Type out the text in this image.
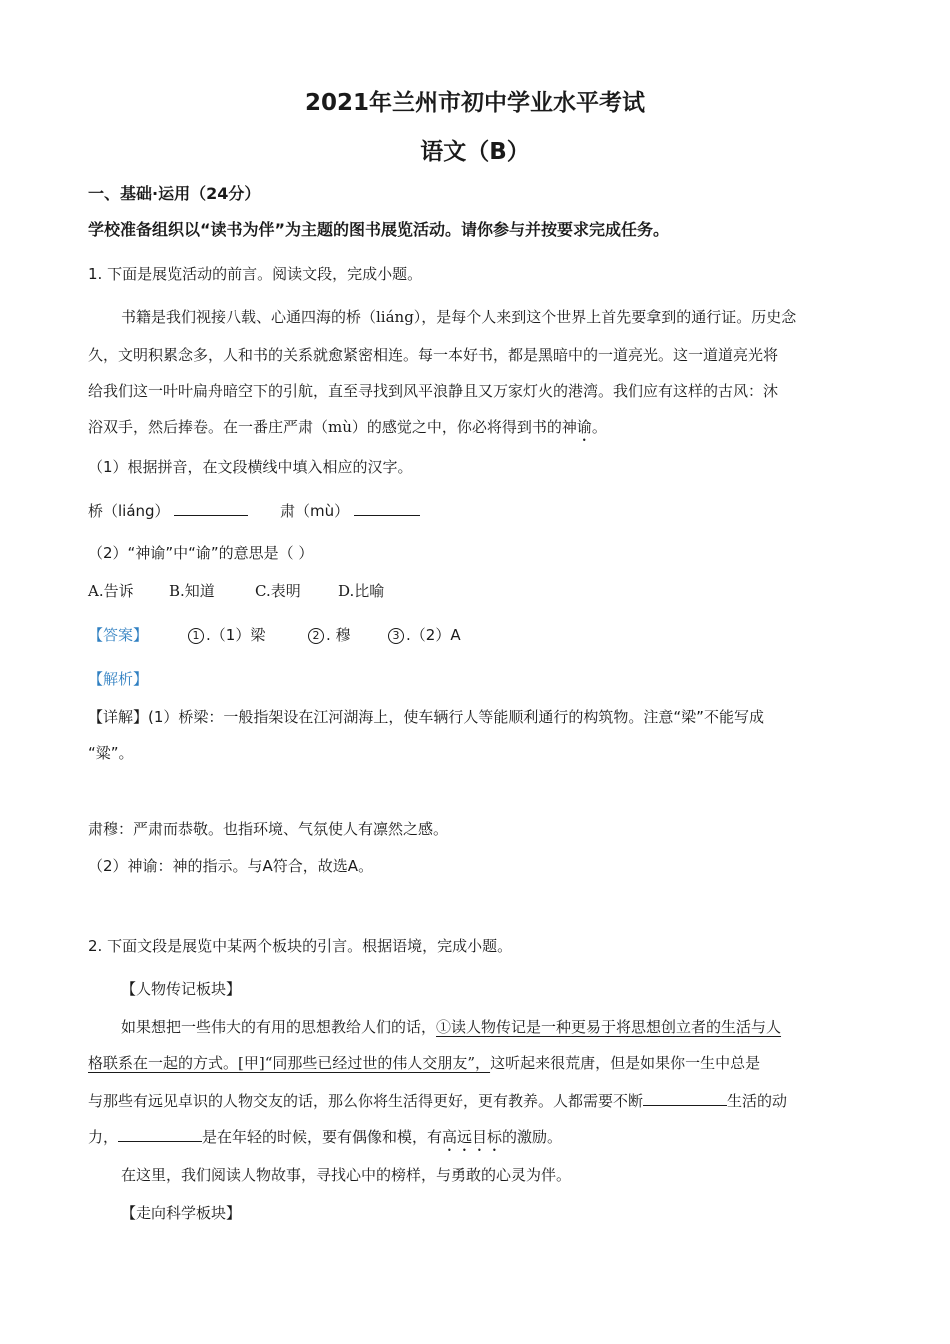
2021年兰州市初中学业水平考试
语文（B）
一、基础·运用（24分）
学校准备组织以“读书为伴”为主题的图书展览活动。请你参与并按要求完成任务。
1. 下面是展览活动的前言。阅读文段，完成小题。
书籍是我们视接八载、心通四海的桥（liáng），是每个人来到这个世界上首先要拿到的通行证。历史念
久，文明积累念多，人和书的关系就愈紧密相连。每一本好书，都是黑暗中的一道亮光。这一道道亮光将
给我们这一叶叶扁舟暗空下的引航，直至寻找到风平浪静且又万家灯火的港湾。我们应有这样的古风：沐
浴双手，然后捧卷。在一番庄严肃（mù）的感觉之中，你必将得到书的神谕。
（1）根据拼音，在文段横线中填入相应的汉字。
桥（liáng）	肃（mù）
（2）“神谕”中“谕”的意思是（ ）
A.告诉 B.知道	C.表明 D.比喻
【答案】	1 .（1）梁	2 . 穆	3 .（2）A
【解析】
【详解】(1）桥梁：一般指架设在江河湖海上，使车辆行人等能顺利通行的构筑物。注意“梁”不能写成
“粱”。
肃穆：严肃而恭敬。也指环境、气氛使人有凛然之感。
（2）神谕：神的指示。与A符合，故选A。
2. 下面文段是展览中某两个板块的引言。根据语境，完成小题。
【人物传记板块】
如果想把一些伟大的有用的思想教给人们的话，①读人物传记是一种更易于将思想创立者的生活与人
格联系在一起的方式。[甲]“同那些已经过世的伟人交朋友”，这听起来很荒唐，但是如果你一生中总是
与那些有远见卓识的人物交友的话，那么你将生活得更好，更有教养。人都需要不断	生活的动
力，	是在年轻的时候，要有偶像和模，有高远目标的激励。
在这里，我们阅读人物故事，寻找心中的榜样，与勇敢的心灵为伴。
【走向科学板块】
